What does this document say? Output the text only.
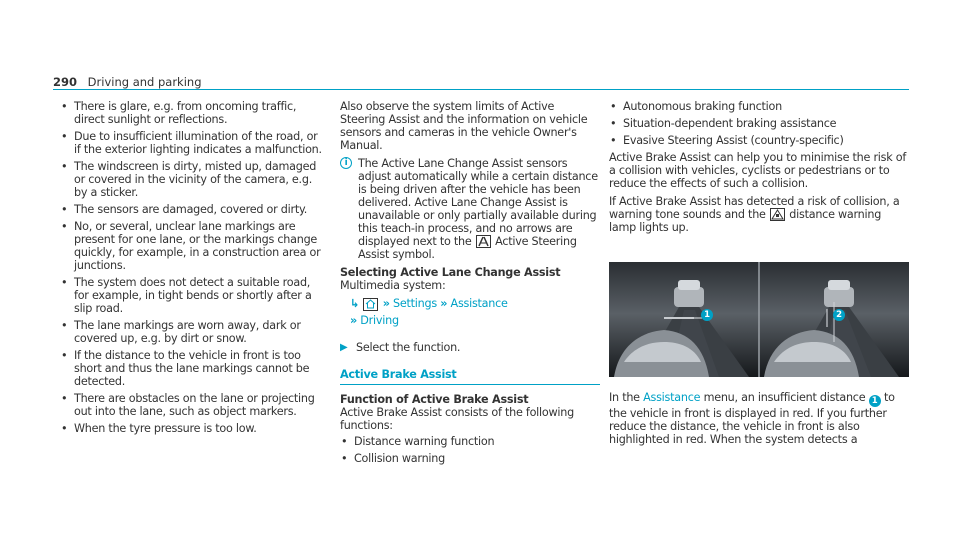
290 Driving and parking
• There is glare, e.g. from oncoming traffic, direct sunlight or reflections.
• Due to insufficient illumination of the road, or if the exterior lighting indicates a malfunction.
• The windscreen is dirty, misted up, damaged or covered in the vicinity of the camera, e.g. by a sticker.
• The sensors are damaged, covered or dirty.
• No, or several, unclear lane markings are present for one lane, or the markings change quickly, for example, in a construction area or junctions.
• The system does not detect a suitable road, for example, in tight bends or shortly after a slip road.
• The lane markings are worn away, dark or covered up, e.g. by dirt or snow.
• If the distance to the vehicle in front is too short and thus the lane markings cannot be detected.
• There are obstacles on the lane or projecting out into the lane, such as object markers.
• When the tyre pressure is too low.

Also observe the system limits of Active Steering Assist and the information on vehicle sensors and cameras in the vehicle Owner's Manual.

i The Active Lane Change Assist sensors adjust automatically while a certain distance is being driven after the vehicle has been delivered. Active Lane Change Assist is unavailable or only partially available during this teach-in process, and no arrows are displayed next to the Active Steering Assist symbol.
Selecting Active Lane Change Assist
Multimedia system:
↳ » Settings » Assistance
» Driving
▶ Select the function.
Active Brake Assist
Function of Active Brake Assist

Active Brake Assist consists of the following functions:

• Distance warning function
• Collision warning
• Autonomous braking function
• Situation-dependent braking assistance
• Evasive Steering Assist (country-specific)

Active Brake Assist can help you to minimise the risk of a collision with vehicles, cyclists or pedestrians or to reduce the effects of such a collision.

If Active Brake Assist has detected a risk of collision, a warning tone sounds and the distance warning lamp lights up.

1	2

In the Assistance menu, an insufficient distance 1 to the vehicle in front is displayed in red. If you further reduce the distance, the vehicle in front is also highlighted in red. When the system detects a
